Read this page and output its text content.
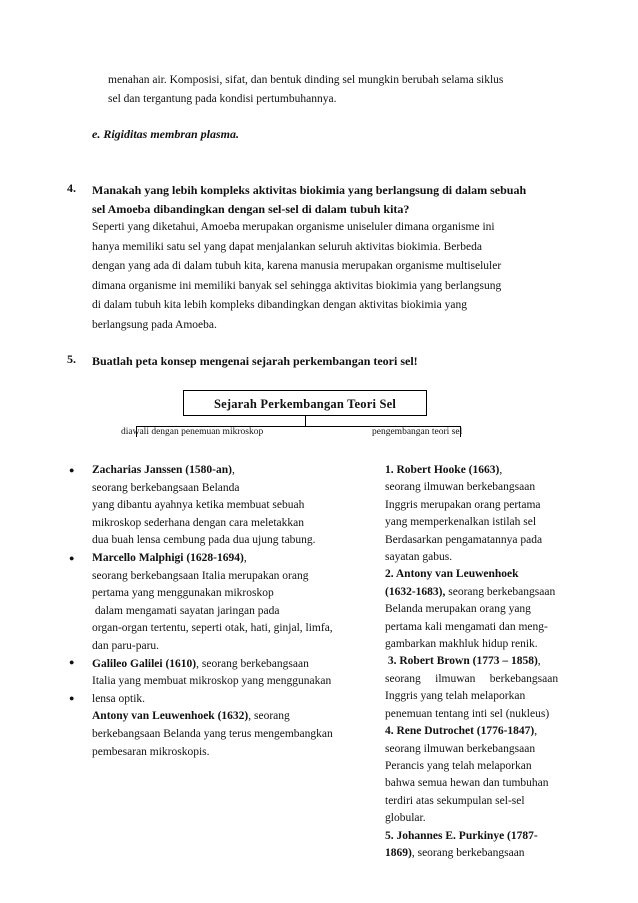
menahan air. Komposisi, sifat, dan bentuk dinding sel mungkin berubah selama siklus
sel dan tergantung pada kondisi pertumbuhannya.
e. Rigiditas membran plasma.
4. Manakah yang lebih kompleks aktivitas biokimia yang berlangsung di dalam sebuah
sel Amoeba dibandingkan dengan sel-sel di dalam tubuh kita?
Seperti yang diketahui, Amoeba merupakan organisme uniseluler dimana organisme ini
hanya memiliki satu sel yang dapat menjalankan seluruh aktivitas biokimia. Berbeda
dengan yang ada di dalam tubuh kita, karena manusia merupakan organisme multiseluler
dimana organisme ini memiliki banyak sel sehingga aktivitas biokimia yang berlangsung
di dalam tubuh kita lebih kompleks dibandingkan dengan aktivitas biokimia yang
berlangsung pada Amoeba.
5. Buatlah peta konsep mengenai sejarah perkembangan teori sel!
Sejarah Perkembangan Teori Sel
diawali dengan penemuan mikroskop	pengembangan teori sel
●
●
●
●
Zacharias Janssen (1580-an),
seorang berkebangsaan Belanda
yang dibantu ayahnya ketika membuat sebuah
mikroskop sederhana dengan cara meletakkan
dua buah lensa cembung pada dua ujung tabung.
Marcello Malphigi (1628-1694),
seorang berkebangsaan Italia merupakan orang
pertama yang menggunakan mikroskop
dalam mengamati sayatan jaringan pada
organ-organ tertentu, seperti otak, hati, ginjal, limfa,
dan paru-paru.
Galileo Galilei (1610), seorang berkebangsaan
Italia yang membuat mikroskop yang menggunakan
lensa optik.
Antony van Leuwenhoek (1632), seorang
berkebangsaan Belanda yang terus mengembangkan
pembesaran mikroskopis.
1. Robert Hooke (1663),
seorang ilmuwan berkebangsaan
Inggris merupakan orang pertama
yang memperkenalkan istilah sel
Berdasarkan pengamatannya pada
sayatan gabus.
2. Antony van Leuwenhoek
(1632-1683), seorang berkebangsaan
Belanda merupakan orang yang
pertama kali mengamati dan meng-
gambarkan makhluk hidup renik.
3. Robert Brown (1773 – 1858),
seorang     ilmuwan     berkebangsaan
Inggris yang telah melaporkan
penemuan tentang inti sel (nukleus)
4. Rene Dutrochet (1776-1847),
seorang ilmuwan berkebangsaan
Perancis yang telah melaporkan
bahwa semua hewan dan tumbuhan
terdiri atas sekumpulan sel-sel
globular.
5. Johannes E. Purkinye (1787-
1869), seorang berkebangsaan
